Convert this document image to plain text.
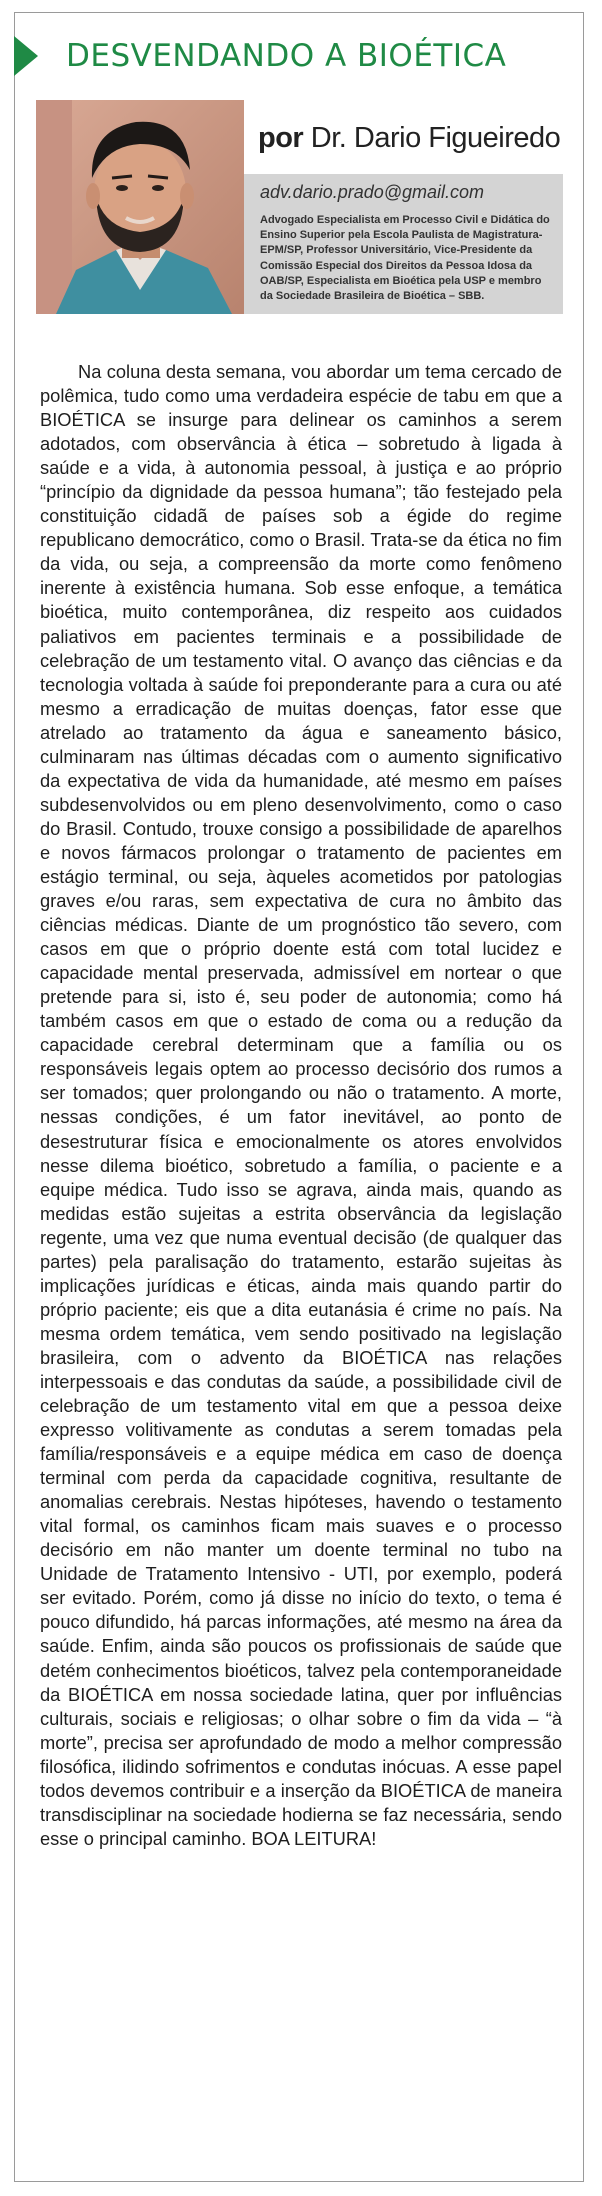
DESVENDANDO A BIOÉTICA
por Dr. Dario Figueiredo
adv.dario.prado@gmail.com
Advogado Especialista em Processo Civil e Didática do Ensino Superior pela Escola Paulista de Magistratura-EPM/SP, Professor Universitário, Vice-Presidente da Comissão Especial dos Direitos da Pessoa Idosa da OAB/SP, Especialista em Bioética pela USP e membro da Sociedade Brasileira de Bioética – SBB.

Na coluna desta semana, vou abordar um tema cercado de polêmica, tudo como uma verdadeira espécie de tabu em que a BIOÉTICA se insurge para delinear os caminhos a serem adotados, com observância à ética – sobretudo à ligada à saúde e a vida, à autonomia pessoal, à justiça e ao próprio “princípio da dignidade da pessoa humana”; tão festejado pela constituição cidadã de países sob a égide do regime republicano democrático, como o Brasil. Trata-se da ética no fim da vida, ou seja, a compreensão da morte como fenômeno inerente à existência humana. Sob esse enfoque, a temática bioética, muito contemporânea, diz respeito aos cuidados paliativos em pacientes terminais e a possibilidade de celebração de um testamento vital. O avanço das ciências e da tecnologia voltada à saúde foi preponderante para a cura ou até mesmo a erradicação de muitas doenças, fator esse que atrelado ao tratamento da água e saneamento básico, culminaram nas últimas décadas com o aumento significativo da expectativa de vida da humanidade, até mesmo em países subdesenvolvidos ou em pleno desenvolvimento, como o caso do Brasil. Contudo, trouxe consigo a possibilidade de aparelhos e novos fármacos prolongar o tratamento de pacientes em estágio terminal, ou seja, àqueles acometidos por patologias graves e/ou raras, sem expectativa de cura no âmbito das ciências médicas. Diante de um prognóstico tão severo, com casos em que o próprio doente está com total lucidez e capacidade mental preservada, admissível em nortear o que pretende para si, isto é, seu poder de autonomia; como há também casos em que o estado de coma ou a redução da capacidade cerebral determinam que a família ou os responsáveis legais optem ao processo decisório dos rumos a ser tomados; quer prolongando ou não o tratamento. A morte, nessas condições, é um fator inevitável, ao ponto de desestruturar física e emocionalmente os atores envolvidos nesse dilema bioético, sobretudo a família, o paciente e a equipe médica. Tudo isso se agrava, ainda mais, quando as medidas estão sujeitas a estrita observância da legislação regente, uma vez que numa eventual decisão (de qualquer das partes) pela paralisação do tratamento, estarão sujeitas às implicações jurídicas e éticas, ainda mais quando partir do próprio paciente; eis que a dita eutanásia é crime no país. Na mesma ordem temática, vem sendo positivado na legislação brasileira, com o advento da BIOÉTICA nas relações interpessoais e das condutas da saúde, a possibilidade civil de celebração de um testamento vital em que a pessoa deixe expresso volitivamente as condutas a serem tomadas pela família/responsáveis e a equipe médica em caso de doença terminal com perda da capacidade cognitiva, resultante de anomalias cerebrais. Nestas hipóteses, havendo o testamento vital formal, os caminhos ficam mais suaves e o processo decisório em não manter um doente terminal no tubo na Unidade de Tratamento Intensivo - UTI, por exemplo, poderá ser evitado. Porém, como já disse no início do texto, o tema é pouco difundido, há parcas informações, até mesmo na área da saúde. Enfim, ainda são poucos os profissionais de saúde que detém conhecimentos bioéticos, talvez pela contemporaneidade da BIOÉTICA em nossa sociedade latina, quer por influências culturais, sociais e religiosas; o olhar sobre o fim da vida – “à morte”, precisa ser aprofundado de modo a melhor compressão filosófica, ilidindo sofrimentos e condutas inócuas. A esse papel todos devemos contribuir e a inserção da BIOÉTICA de maneira transdisciplinar na sociedade hodierna se faz necessária, sendo esse o principal caminho. BOA LEITURA!
